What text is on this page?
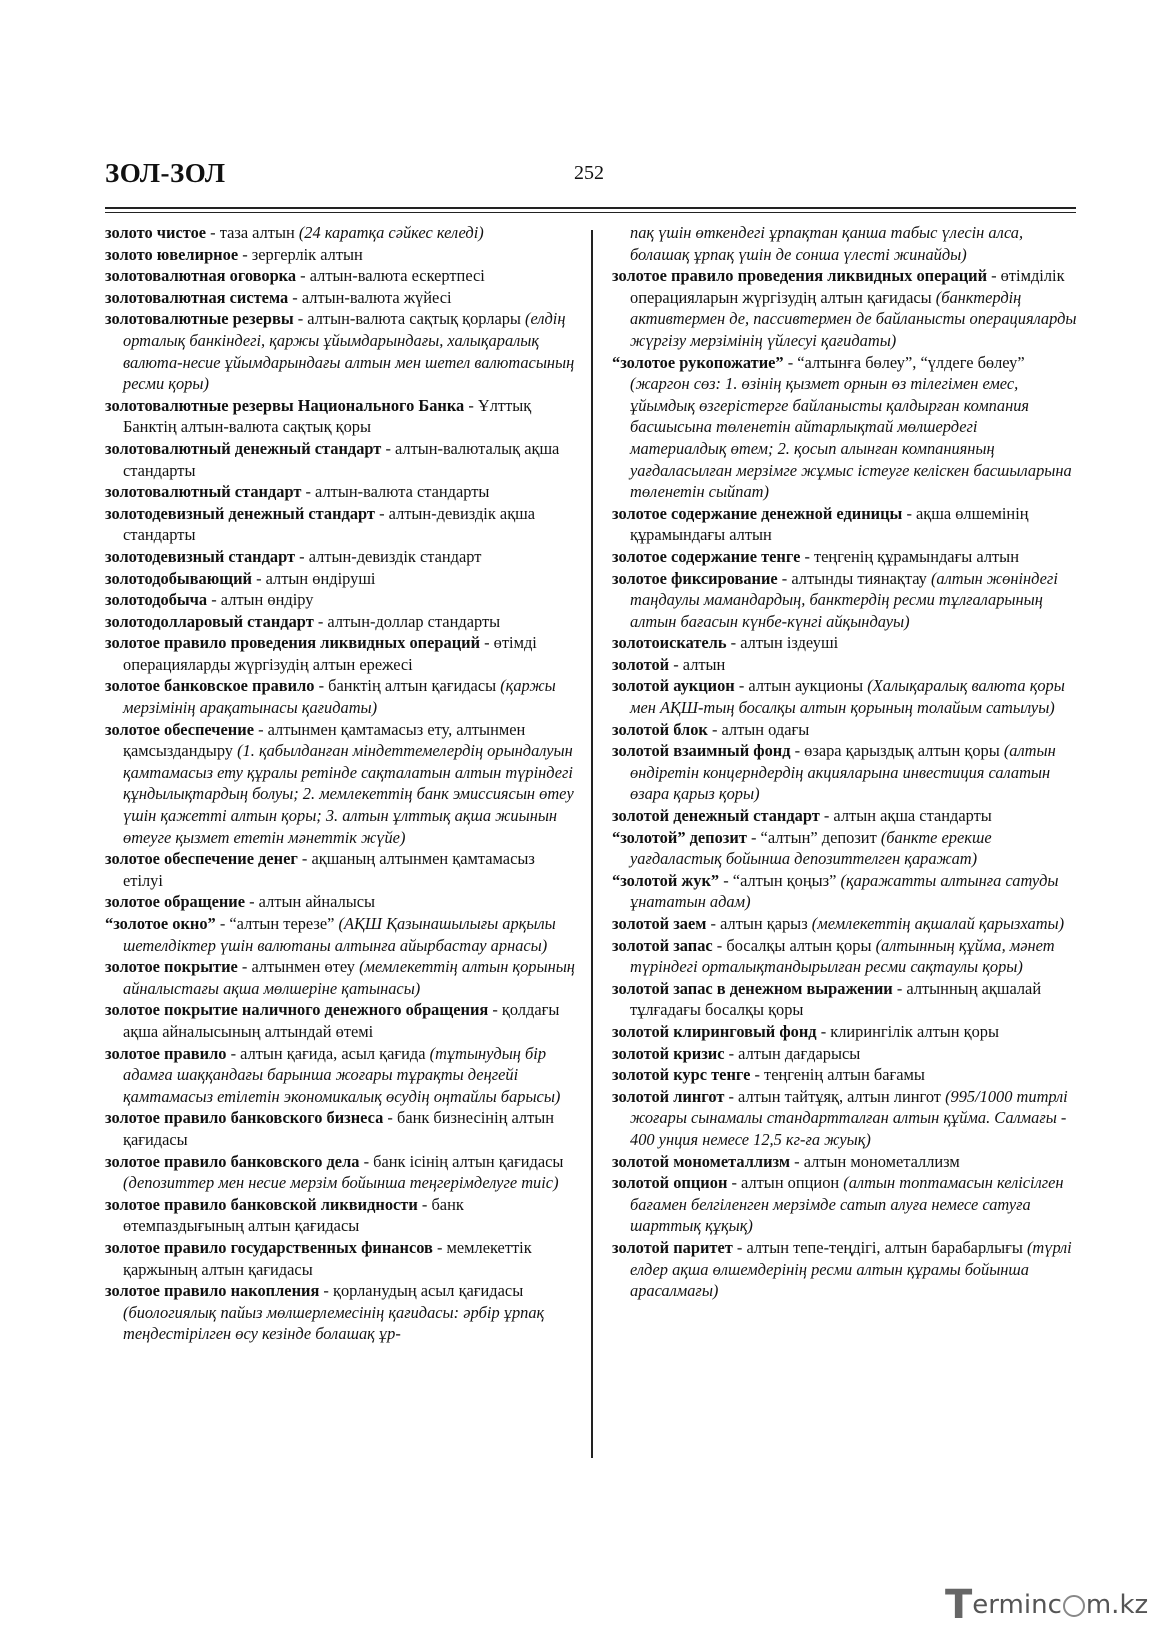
ЗОЛ-ЗОЛ	252

золото чистое - таза алтын (24 каратқа сәйкес келеді)

золото ювелирное - зергерлік алтын

золотовалютная оговорка - алтын-валюта ескертпесі

золотовалютная система - алтын-валюта жүйесі

золотовалютные резервы - алтын-валюта сақтық қорлары (елдің орталық банкіндегі, қаржы ұйымдарындағы, халықаралық валюта-несие ұйымдарындағы алтын мен шетел валютасының ресми қоры)

золотовалютные резервы Национального Банка - Ұлттық Банктің алтын-валюта сақтық қоры

золотовалютный денежный стандарт - алтын-валюталық ақша стандарты

золотовалютный стандарт - алтын-валюта стандарты

золотодевизный денежный стандарт - алтын-девиздік ақша стандарты

золотодевизный стандарт - алтын-девиздік стандарт

золотодобывающий - алтын өндіруші

золотодобыча - алтын өндіру

золотодолларовый стандарт - алтын-доллар стандарты

золотое правило проведения ликвидных операций - өтімді операцияларды жүргізудің алтын ережесі

золотое банковское правило - банктің алтын қағидасы (қаржы мерзімінің арақатынасы қағидаты)

золотое обеспечение - алтынмен қамтамасыз ету, алтынмен қамсыздандыру (1. қабылданған міндеттемелердің орындалуын қамтамасыз ету құралы ретінде сақталатын алтын түріндегі құндылықтардың болуы; 2. мемлекеттің банк эмиссиясын өтеу үшін қажетті алтын қоры; 3. алтын ұлттық ақша жиынын өтеуге қызмет ететін мәнеттік жүйе)

золотое обеспечение денег - ақшаның алтынмен қамтамасыз етілуі

золотое обращение - алтын айналысы

“золотое окно” - “алтын терезе” (АҚШ Қазынашылығы арқылы шетелдіктер үшін валютаны алтынға айырбастау арнасы)

золотое покрытие - алтынмен өтеу (мемлекеттің алтын қорының айналыстағы ақша мөлшеріне қатынасы)

золотое покрытие наличного денежного обращения - қолдағы ақша айналысының алтындай өтемі

золотое правило - алтын қағида, асыл қағида (тұтынудың бір адамға шаққандағы барынша жоғары тұрақты деңгейі қамтамасыз етілетін экономикалық өсудің оңтайлы барысы)

золотое правило банковского бизнеса - банк бизнесінің алтын қағидасы

золотое правило банковского дела - банк ісінің алтын қағидасы (депозиттер мен несие мерзім бойынша теңгерімделуге тиіс)

золотое правило банковской ликвидности - банк өтемпаздығының алтын қағидасы

золотое правило государственных финансов - мемлекеттік қаржының алтын қағидасы

золотое правило накопления - қорланудың асыл қағидасы (биологиялық пайыз мөлшерлемесінің қағидасы: әрбір ұрпақ теңдестірілген өсу кезінде болашақ ұр-

пақ үшін өткендегі ұрпақтан қанша табыс үлесін алса, болашақ ұрпақ үшін де сонша үлесті жинайды)

золотое правило проведения ликвидных операций - өтімділік операцияларын жүргізудің алтын қағидасы (банктердің активтермен де, пассивтермен де байланысты операцияларды жүргізу мерзімінің үйлесуі қағидаты)

“золотое рукопожатие” - “алтынға бөлеу”, “үлдеге бөлеу” (жаргон сөз: 1. өзінің қызмет орнын өз тілегімен емес, ұйымдық өзгерістерге байланысты қалдырған компания басшысына төленетін айтарлықтай мөлшердегі материалдық өтем; 2. қосып алынған компанияның уағдаласылған мерзімге жұмыс істеуге келіскен басшыларына төленетін сыйпат)

золотое содержание денежной единицы - ақша өлшемінің құрамындағы алтын

золотое содержание тенге - теңгенің құрамындағы алтын

золотое фиксирование - алтынды тиянақтау (алтын жөніндегі таңдаулы мамандардың, банктердің ресми тұлғаларының алтын бағасын күнбе-күнгі айқындауы)

золотоискатель - алтын іздеуші

золотой - алтын

золотой аукцион - алтын аукционы (Халықаралық валюта қоры мен АҚШ-тың босалқы алтын қорының толайым сатылуы)

золотой блок - алтын одағы

золотой взаимный фонд - өзара қарыздық алтын қоры (алтын өндіретін концерндердің акцияларына инвестиция салатын өзара қарыз қоры)

золотой денежный стандарт - алтын ақша стандарты

“золотой” депозит - “алтын” депозит (банкте ерекше уағдаластық бойынша депозиттелген қаражат)

“золотой жук” - “алтын қоңыз” (қаражатты алтынға сатуды ұнататын адам)

золотой заем - алтын қарыз (мемлекеттің ақшалай қарызхаты)

золотой запас - босалқы алтын қоры (алтынның құйма, мәнет түріндегі орталықтандырылған ресми сақтаулы қоры)

золотой запас в денежном выражении - алтынның ақшалай тұлғадағы босалқы қоры

золотой клиринговый фонд - клирингілік алтын қоры

золотой кризис - алтын дағдарысы

золотой курс тенге - теңгенің алтын бағамы

золотой лингот - алтын тайтұяқ, алтын лингот (995/1000 титрлі жоғары сынамалы стандартталған алтын құйма. Салмағы - 400 унция немесе 12,5 кг-ға жуық)

золотой монометаллизм - алтын монометаллизм

золотой опцион - алтын опцион (алтын топтамасын келісілген бағамен белгіленген мерзімде сатып алуға немесе сатуға шарттық құқық)

золотой паритет - алтын тепе-теңдігі, алтын барабарлығы (түрлі елдер ақша өлшемдерінің ресми алтын құрамы бойынша арасалмағы)

Terminc m.kz
